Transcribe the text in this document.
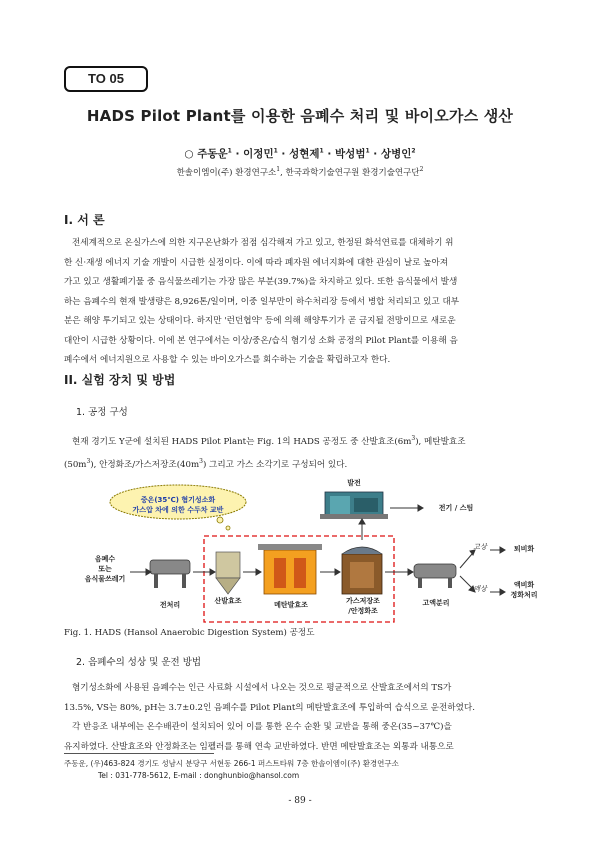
TO 05
HADS Pilot Plant를 이용한 음폐수 처리 및 바이오가스 생산
○ 주동운$^1$ · 이정민$^1$ · 성현제$^1$ · 박성범$^1$ · 상병인$^2$
한솔이엠이(주) 환경연구소$^1$, 한국과학기술연구원 환경기술연구단$^2$
I. 서 론
전세계적으로 온실가스에 의한 지구온난화가 점점 심각해져 가고 있고, 한정된 화석연료를 대체하기 위
한 신·재생 에너지 기술 개발이 시급한 실정이다. 이에 따라 폐자원 에너지화에 대한 관심이 날로 높아져
가고 있고 생활폐기물 중 음식물쓰레기는 가장 많은 부분(39.7%)을 차지하고 있다. 또한 음식물에서 발생
하는 음폐수의 현재 발생량은 8,926톤/일이며, 이중 일부만이 하수처리장 등에서 병합 처리되고 있고 대부
분은 해양 투기되고 있는 상태이다. 하지만 '런던협약' 등에 의해 해양투기가 곧 금지될 전망이므로 새로운
대안이 시급한 상황이다. 이에 본 연구에서는 이상/중온/습식 혐기성 소화 공정의 Pilot Plant를 이용해 음
폐수에서 에너지원으로 사용할 수 있는 바이오가스를 회수하는 기술을 확립하고자 한다.
II. 실험 장치 및 방법
1. 공정 구성
현재 경기도 Y군에 설치된 HADS Pilot Plant는 Fig. 1의 HADS 공정도 중 산발효조$(6m^3)$, 메탄발효조
$(50m^3)$, 안정화조/가스저장조$(40m^3)$ 그리고 가스 소각기로 구성되어 있다.
중온(35℃) 혐기성소화
가스압 차에 의한 수두차 교반
발전
전기 / 스팀
음폐수
또는
음식물쓰레기
전처리	산발효조	메탄발효조	가스저장조
/안정화조
고액분리
고상
액상
퇴비화
액비화
정화처리
Fig. 1. HADS (Hansol Anaerobic Digestion System) 공정도
2. 음폐수의 성상 및 운전 방법
혐기성소화에 사용된 음폐수는 인근 사료화 시설에서 나오는 것으로 평균적으로 산발효조에서의 TS가
13.5%, VS는 80%, pH는 3.7±0.2인 음폐수를 Pilot Plant의 메탄발효조에 투입하여 습식으로 운전하였다.
각 반응조 내부에는 온수배관이 설치되어 있어 이를 통한 온수 순환 및 교반을 통해 중온(35~37℃)을
유지하였다. 산발효조와 안정화조는 임펠러를 통해 연속 교반하였다. 반면 메탄발효조는 외통과 내통으로
주동운, (우)463-824 경기도 성남시 분당구 서현동 266-1 퍼스트타워 7층 한솔이엠이(주) 환경연구소
Tel : 031-778-5612, E-mail : donghunbio@hansol.com
- 89 -
